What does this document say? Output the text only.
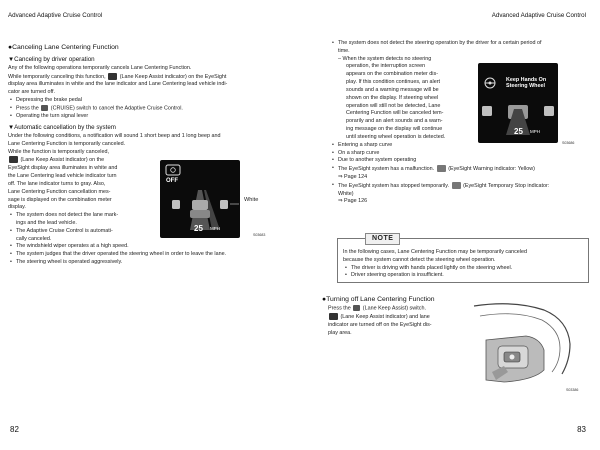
Advanced Adaptive Cruise Control	Advanced Adaptive Cruise Control
●Canceling Lane Centering Function
▼Canceling by driver operation
Any of the following operations temporarily cancels Lane Centering Function.
While temporarily canceling this function,	(Lane Keep Assist indicator) on the EyeSight
display area illuminates in white and the lane indicator and Lane Centering lead vehicle indi-
cator are turned off.
• Depressing the brake pedal
• Press the (CRUISE) switch to cancel the Adaptive Cruise Control.
• Operating the turn signal lever
▼Automatic cancellation by the system
Under the following conditions, a notification will sound 1 short beep and 1 long beep and
Lane Centering Function is temporarily canceled.
While the function is temporarily canceled,
(Lane Keep Assist indicator) on the
EyeSight display area illuminates in white and
the Lane Centering lead vehicle indicator turn
off. The lane indicator turns to gray. Also,
Lane Centering Function cancellation mes-
sage is displayed on the combination meter
display.
• The system does not detect the lane mark-
ings and the lead vehicle.
• The Adaptive Cruise Control is automati-
cally canceled.
• The windshield wiper operates at a high speed.
• The system judges that the driver operated the steering wheel in order to leave the lane.
• The steering wheel is operated aggressively.
OFF
25 MPH
White
S03683
• The system does not detect the steering operation by the driver for a certain period of
time.
– When the system detects no steering
operation, the interruption screen
appears on the combination meter dis-
play. If this condition continues, an alert
sounds and a warning message will be
shown on the display. If steering wheel
operation will still not be detected, Lane
Centering Function will be canceled tem-
porarily and an alert sounds and a warn-
ing message on the display will continue
until steering wheel operation is detected.
• Entering a sharp curve
• On a sharp curve
• Due to another system operating
• The EyeSight system has a malfunction.	(EyeSight Warning indicator: Yellow)
⇒ Page 124
• The EyeSight system has stopped temporarily.	(EyeSight Temporary Stop indicator:
White)
⇒ Page 126
Keep Hands On
Steering Wheel
25 MPH
S03686
In the following cases, Lane Centering Function may be temporarily canceled
because the system cannot detect the steering wheel operation.
• The driver is driving with hands placed lightly on the steering wheel.
• Driver steering operation is insufficient.
NOTE
●Turning off Lane Centering Function
Press the (Lane Keep Assist) switch.
(Lane Keep Assist indicator) and lane
indicator are turned off on the EyeSight dis-
play area.
S03386
82	83
